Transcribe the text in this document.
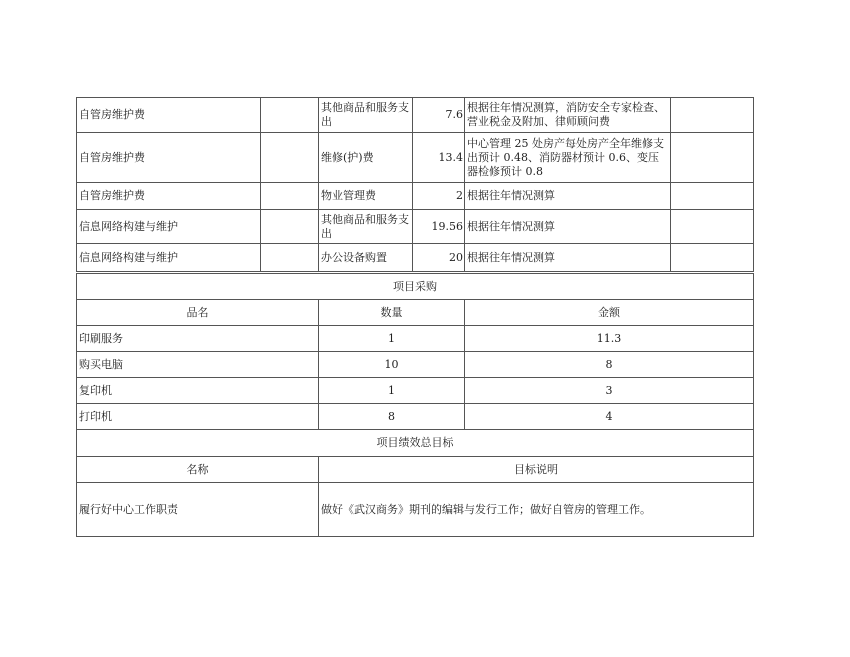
自管房维护费		其他商品和服务支出	7.6	根据往年情况测算，消防安全专家检查、营业税金及附加、律师顾问费	
自管房维护费		维修(护)费	13.4	中心管理 25 处房产每处房产全年维修支出预计 0.48、消防器材预计 0.6、变压器检修预计 0.8	
自管房维护费		物业管理费	2	根据往年情况测算	
信息网络构建与维护		其他商品和服务支出	19.56	根据往年情况测算	
信息网络构建与维护		办公设备购置	20	根据往年情况测算	
项目采购		
品名	数量	金额
印刷服务	1	11.3
购买电脑	10	8
复印机	1	3
打印机	8	4
项目绩效总目标		
名称	目标说明	
履行好中心工作职责	做好《武汉商务》期刊的编辑与发行工作；做好自管房的管理工作。	
